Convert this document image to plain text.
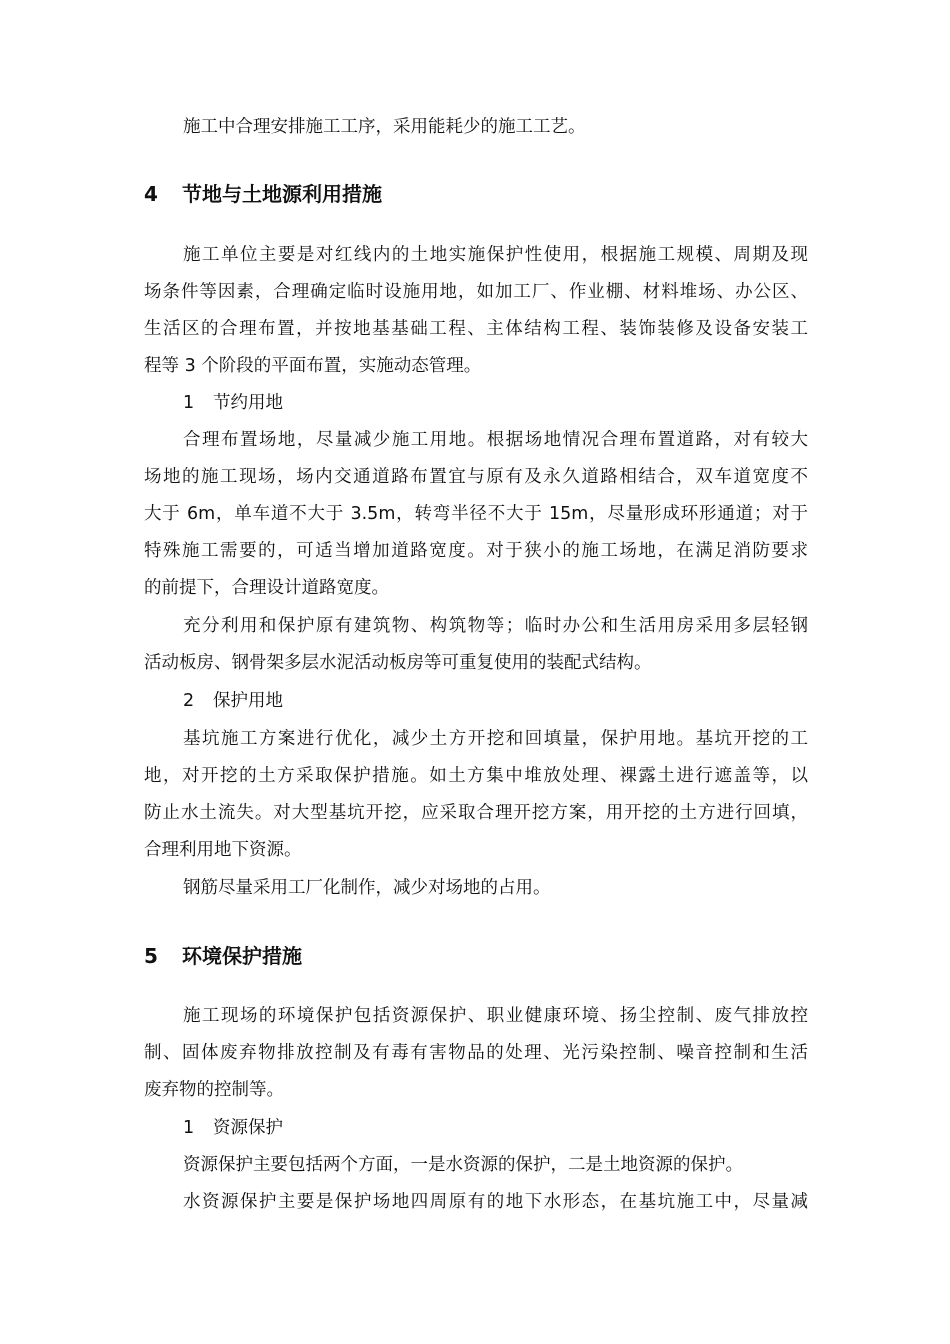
施工中合理安排施工工序，采用能耗少的施工工艺。
4 节地与土地源利用措施
施工单位主要是对红线内的土地实施保护性使用，根据施工规模、周期及现
场条件等因素，合理确定临时设施用地，如加工厂、作业棚、材料堆场、办公区、
生活区的合理布置，并按地基基础工程、主体结构工程、装饰装修及设备安装工
程等 3 个阶段的平面布置，实施动态管理。
1 节约用地
合理布置场地，尽量减少施工用地。根据场地情况合理布置道路，对有较大
场地的施工现场，场内交通道路布置宜与原有及永久道路相结合，双车道宽度不
大于 6m，单车道不大于 3.5m，转弯半径不大于 15m，尽量形成环形通道；对于
特殊施工需要的，可适当增加道路宽度。对于狭小的施工场地，在满足消防要求
的前提下，合理设计道路宽度。
充分利用和保护原有建筑物、构筑物等；临时办公和生活用房采用多层轻钢
活动板房、钢骨架多层水泥活动板房等可重复使用的装配式结构。
2 保护用地
基坑施工方案进行优化，减少土方开挖和回填量，保护用地。基坑开挖的工
地，对开挖的土方采取保护措施。如土方集中堆放处理、裸露土进行遮盖等，以
防止水土流失。对大型基坑开挖，应采取合理开挖方案，用开挖的土方进行回填，
合理利用地下资源。
钢筋尽量采用工厂化制作，减少对场地的占用。
5 环境保护措施
施工现场的环境保护包括资源保护、职业健康环境、扬尘控制、废气排放控
制、固体废弃物排放控制及有毒有害物品的处理、光污染控制、噪音控制和生活
废弃物的控制等。
1 资源保护
资源保护主要包括两个方面，一是水资源的保护，二是土地资源的保护。
水资源保护主要是保护场地四周原有的地下水形态，在基坑施工中，尽量减
